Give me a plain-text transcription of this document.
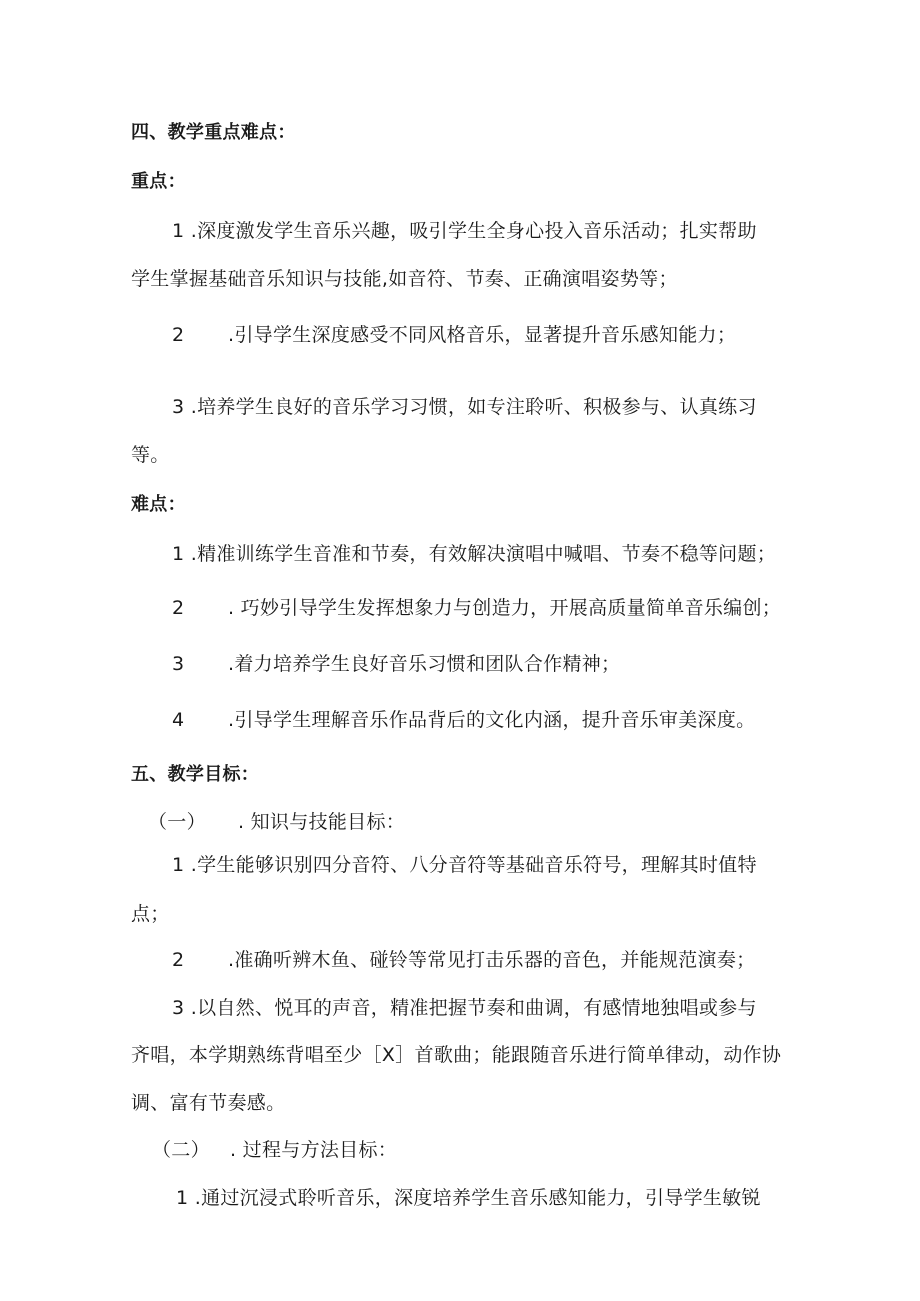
四、教学重点难点：
重点：
1 .深度激发学生音乐兴趣，吸引学生全身心投入音乐活动；扎实帮助
学生掌握基础音乐知识与技能,如音符、节奏、正确演唱姿势等；
2 .引导学生深度感受不同风格音乐，显著提升音乐感知能力；
3 .培养学生良好的音乐学习习惯，如专注聆听、积极参与、认真练习
等。
难点：
1 .精准训练学生音准和节奏，有效解决演唱中喊唱、节奏不稳等问题；
2 . 巧妙引导学生发挥想象力与创造力，开展高质量简单音乐编创；
3 .着力培养学生良好音乐习惯和团队合作精神；
4 .引导学生理解音乐作品背后的文化内涵，提升音乐审美深度。
五、教学目标：
（一） . 知识与技能目标：
1 .学生能够识别四分音符、八分音符等基础音乐符号，理解其时值特
点；
2 .准确听辨木鱼、碰铃等常见打击乐器的音色，并能规范演奏；
3 .以自然、悦耳的声音，精准把握节奏和曲调，有感情地独唱或参与
齐唱，本学期熟练背唱至少［X］首歌曲；能跟随音乐进行简单律动，动作协
调、富有节奏感。
（二） . 过程与方法目标：
1 .通过沉浸式聆听音乐，深度培养学生音乐感知能力，引导学生敏锐
